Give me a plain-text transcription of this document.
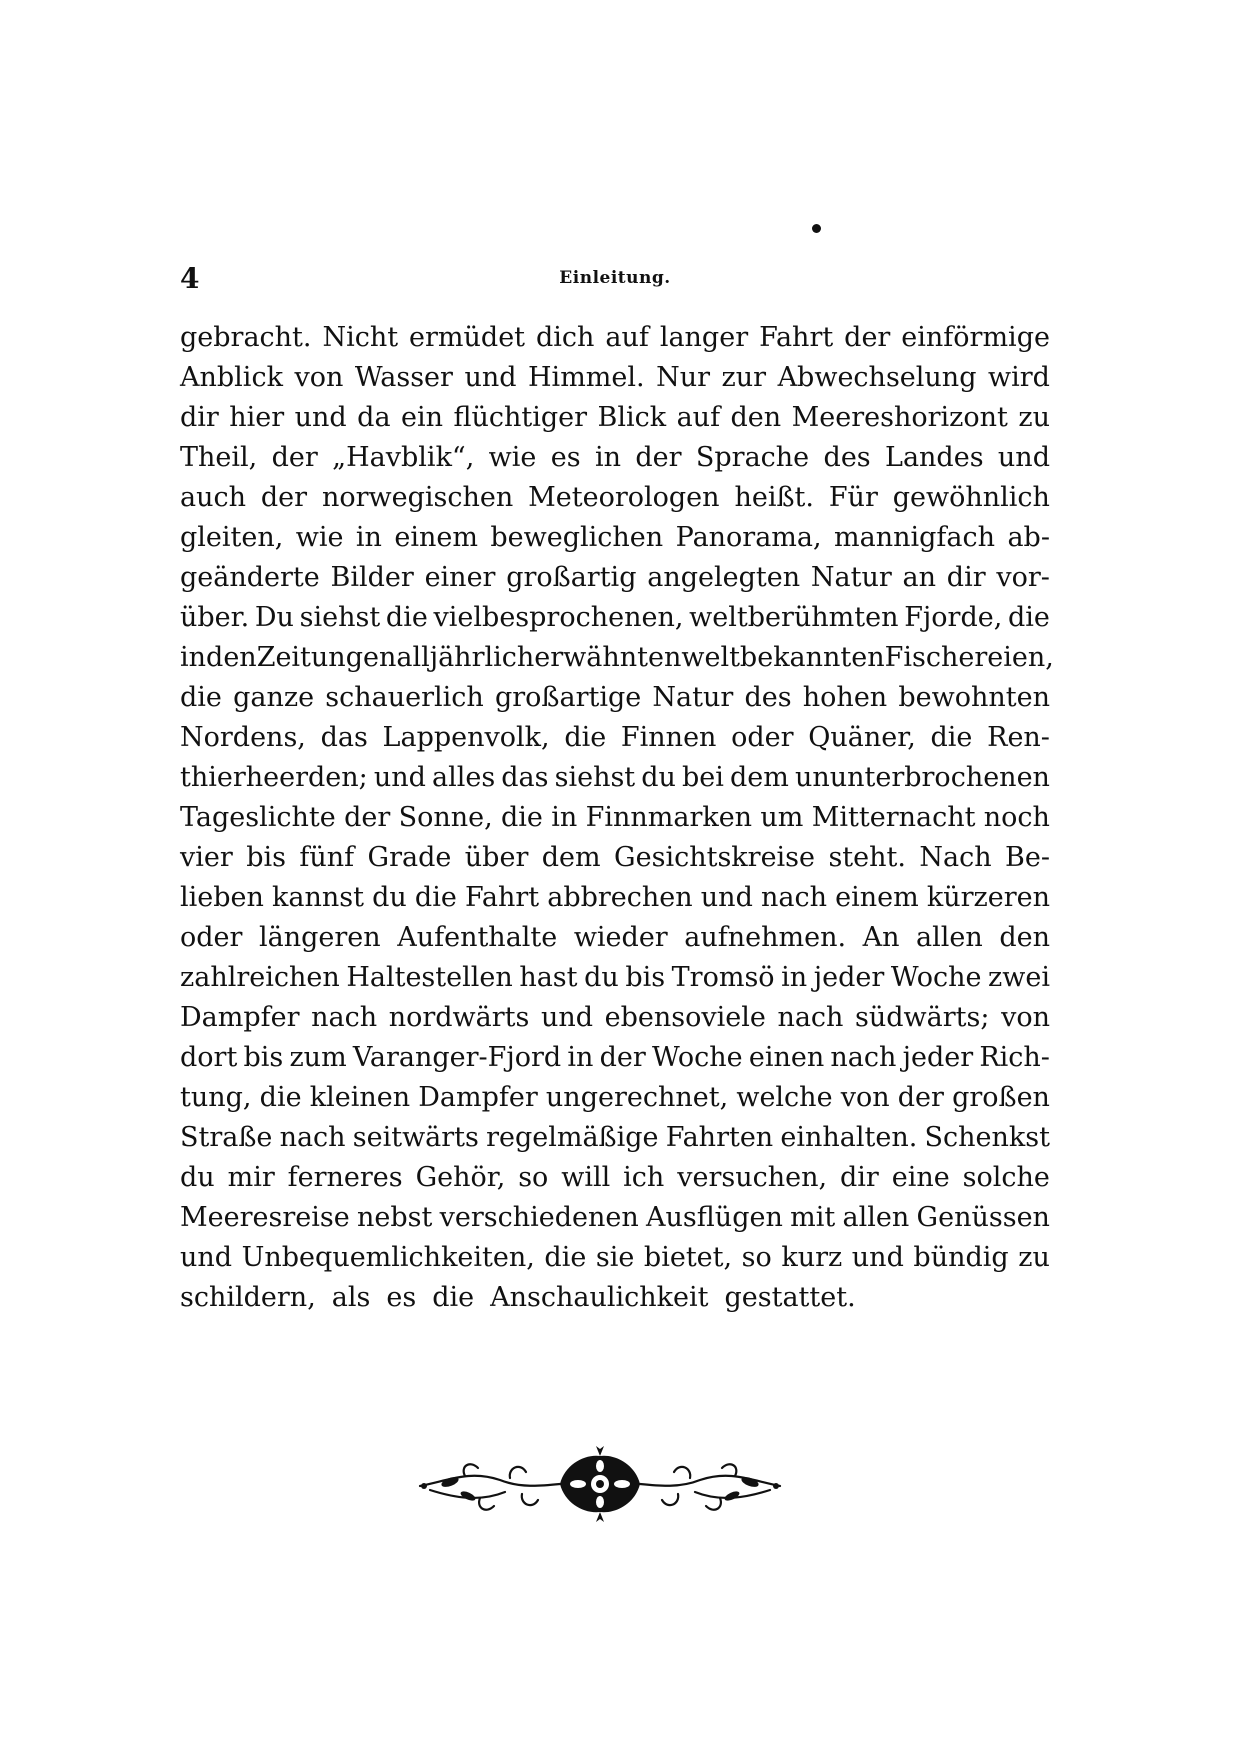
4	Einleitung.
gebracht. Nicht ermüdet dich auf langer Fahrt der einförmige
Anblick von Wasser und Himmel. Nur zur Abwechselung wird
dir hier und da ein flüchtiger Blick auf den Meereshorizont zu
Theil, der „Havblik“, wie es in der Sprache des Landes und
auch der norwegischen Meteorologen heißt. Für gewöhnlich
gleiten, wie in einem beweglichen Panorama, mannigfach ab-
geänderte Bilder einer großartig angelegten Natur an dir vor-
über. Du siehst die vielbesprochenen, weltberühmten Fjorde, die
in den Zeitungen alljährlich erwähnten weltbekannten Fischereien,
die ganze schauerlich großartige Natur des hohen bewohnten
Nordens, das Lappenvolk, die Finnen oder Quäner, die Ren-
thierheerden; und alles das siehst du bei dem ununterbrochenen
Tageslichte der Sonne, die in Finnmarken um Mitternacht noch
vier bis fünf Grade über dem Gesichtskreise steht. Nach Be-
lieben kannst du die Fahrt abbrechen und nach einem kürzeren
oder längeren Aufenthalte wieder aufnehmen. An allen den
zahlreichen Haltestellen hast du bis Tromsö in jeder Woche zwei
Dampfer nach nordwärts und ebensoviele nach südwärts; von
dort bis zum Varanger-Fjord in der Woche einen nach jeder Rich-
tung, die kleinen Dampfer ungerechnet, welche von der großen
Straße nach seitwärts regelmäßige Fahrten einhalten. Schenkst
du mir ferneres Gehör, so will ich versuchen, dir eine solche
Meeresreise nebst verschiedenen Ausflügen mit allen Genüssen
und Unbequemlichkeiten, die sie bietet, so kurz und bündig zu
schildern, als es die Anschaulichkeit gestattet.
